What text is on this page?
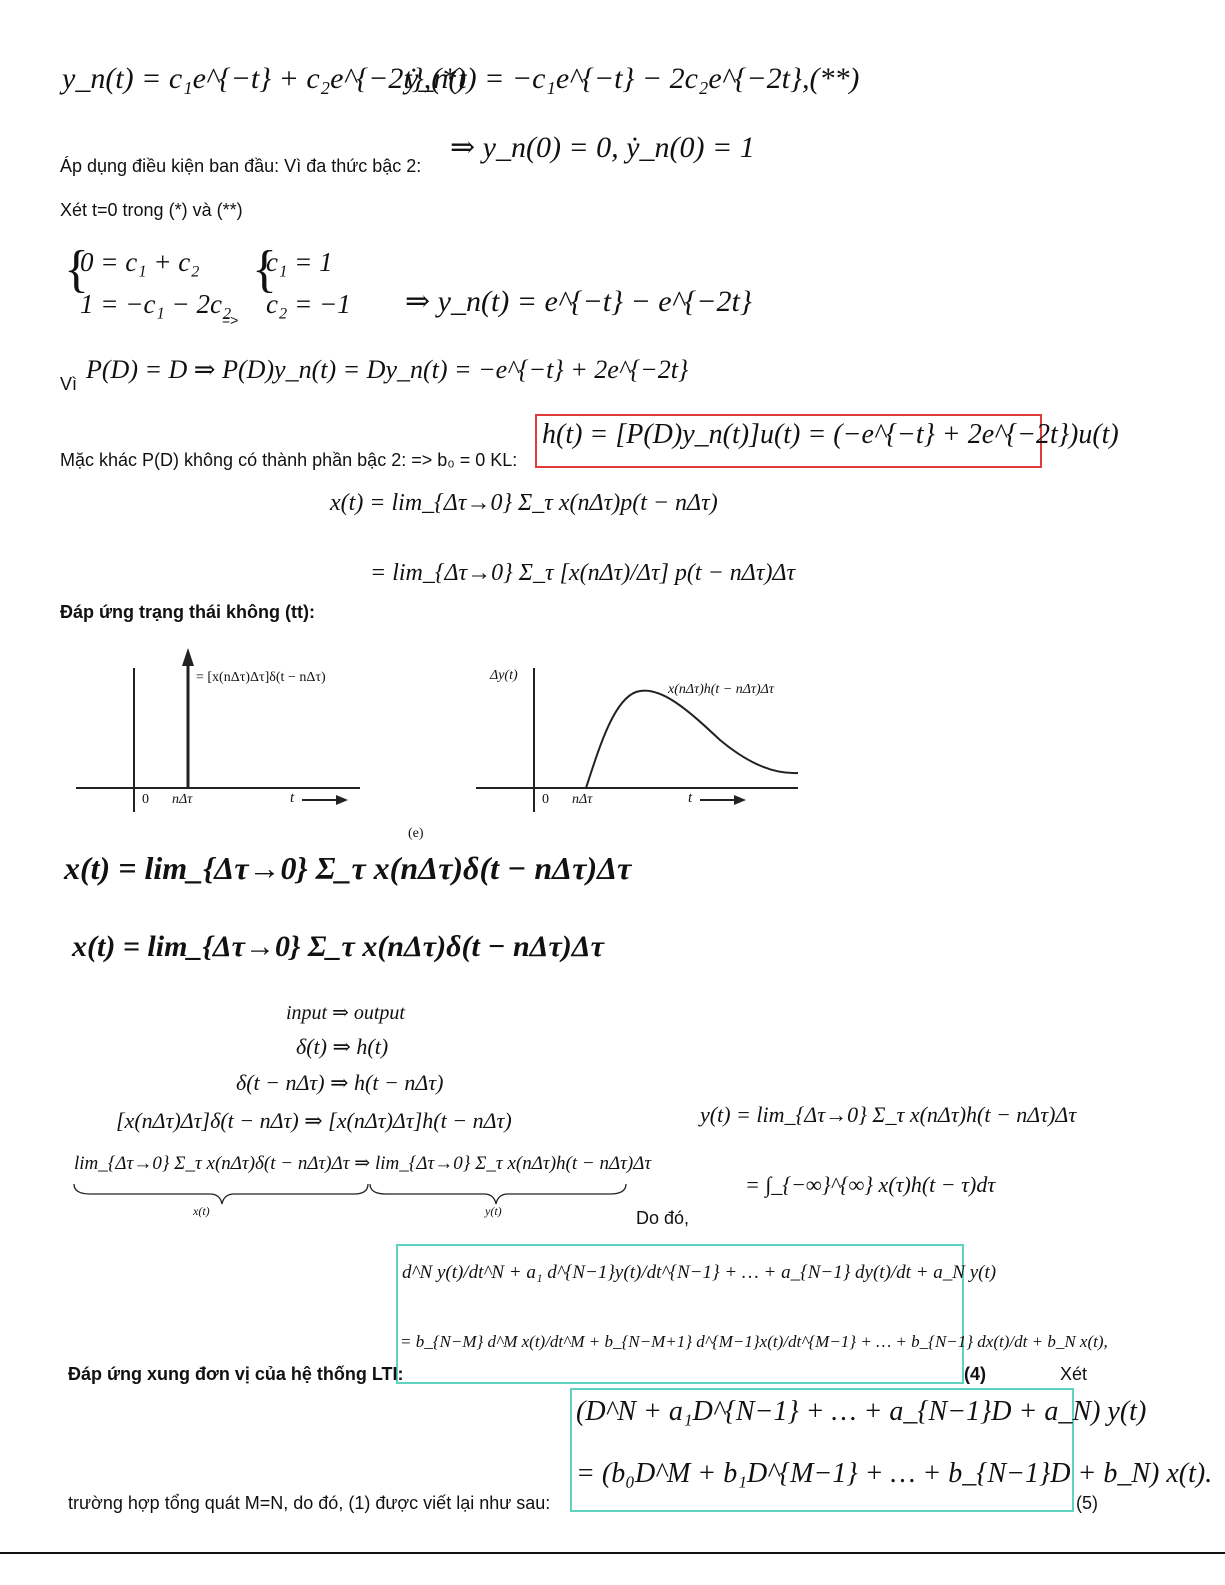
y_n(t) = c₁e^{−t} + c₂e^{−2t},(*)
ẏ_n(t) = −c₁e^{−t} − 2c₂e^{−2t},(**)
Áp dụng điều kiện ban đầu: Vì đa thức bậc 2:
⇒ y_n(0) = 0, ẏ_n(0) = 1
Xét t=0 trong (*) và (**)
{
0 = c₁ + c₂
1 = −c₁ − 2c₂
=>
{
c₁ = 1
c₂ = −1 ⇒ y_n(t) = e^{−t} − e^{−2t}
Vì P(D) = D ⇒ P(D)y_n(t) = Dy_n(t) = −e^{−t} + 2e^{−2t}
Mặc khác P(D) không có thành phần bậc 2: => b₀ = 0 KL:
h(t) = [P(D)y_n(t)]u(t) = (−e^{−t} + 2e^{−2t})u(t)
x(t) = lim_{Δτ→0} Σ_τ x(nΔτ)p(t − nΔτ)
= lim_{Δτ→0} Σ_τ [x(nΔτ)/Δτ] p(t − nΔτ)Δτ
Đáp ứng trạng thái không (tt):
= [x(nΔτ)Δτ]δ(t − nΔτ)
0 nΔτ	t
Δy(t)
x(nΔτ)h(t − nΔτ)Δτ
0 nΔτ	t
(e)
x(t) = lim_{Δτ→0} Σ_τ x(nΔτ)δ(t − nΔτ)Δτ
x(t) = lim_{Δτ→0} Σ_τ x(nΔτ)δ(t − nΔτ)Δτ
input ⇒ output
δ(t) ⇒ h(t)
δ(t − nΔτ) ⇒ h(t − nΔτ)
[x(nΔτ)Δτ]δ(t − nΔτ) ⇒ [x(nΔτ)Δτ]h(t − nΔτ)
lim_{Δτ→0} Σ_τ x(nΔτ)δ(t − nΔτ)Δτ ⇒ lim_{Δτ→0} Σ_τ x(nΔτ)h(t − nΔτ)Δτ
x(t)	y(t)
y(t) = lim_{Δτ→0} Σ_τ x(nΔτ)h(t − nΔτ)Δτ
= ∫_{−∞}^{∞} x(τ)h(t − τ)dτ
Do đó,
d^N y(t)/dt^N + a₁ d^{N−1}y(t)/dt^{N−1} + … + a_{N−1} dy(t)/dt + a_N y(t)
= b_{N−M} d^M x(t)/dt^M + b_{N−M+1} d^{M−1}x(t)/dt^{M−1} + … + b_{N−1} dx(t)/dt + b_N x(t),
Đáp ứng xung đơn vị của hệ thống LTI:	(4)	Xét
(D^N + a₁D^{N−1} + … + a_{N−1}D + a_N) y(t)
= (b₀D^M + b₁D^{M−1} + … + b_{N−1}D + b_N) x(t).
trường hợp tổng quát M=N, do đó, (1) được viết lại như sau:	(5)
